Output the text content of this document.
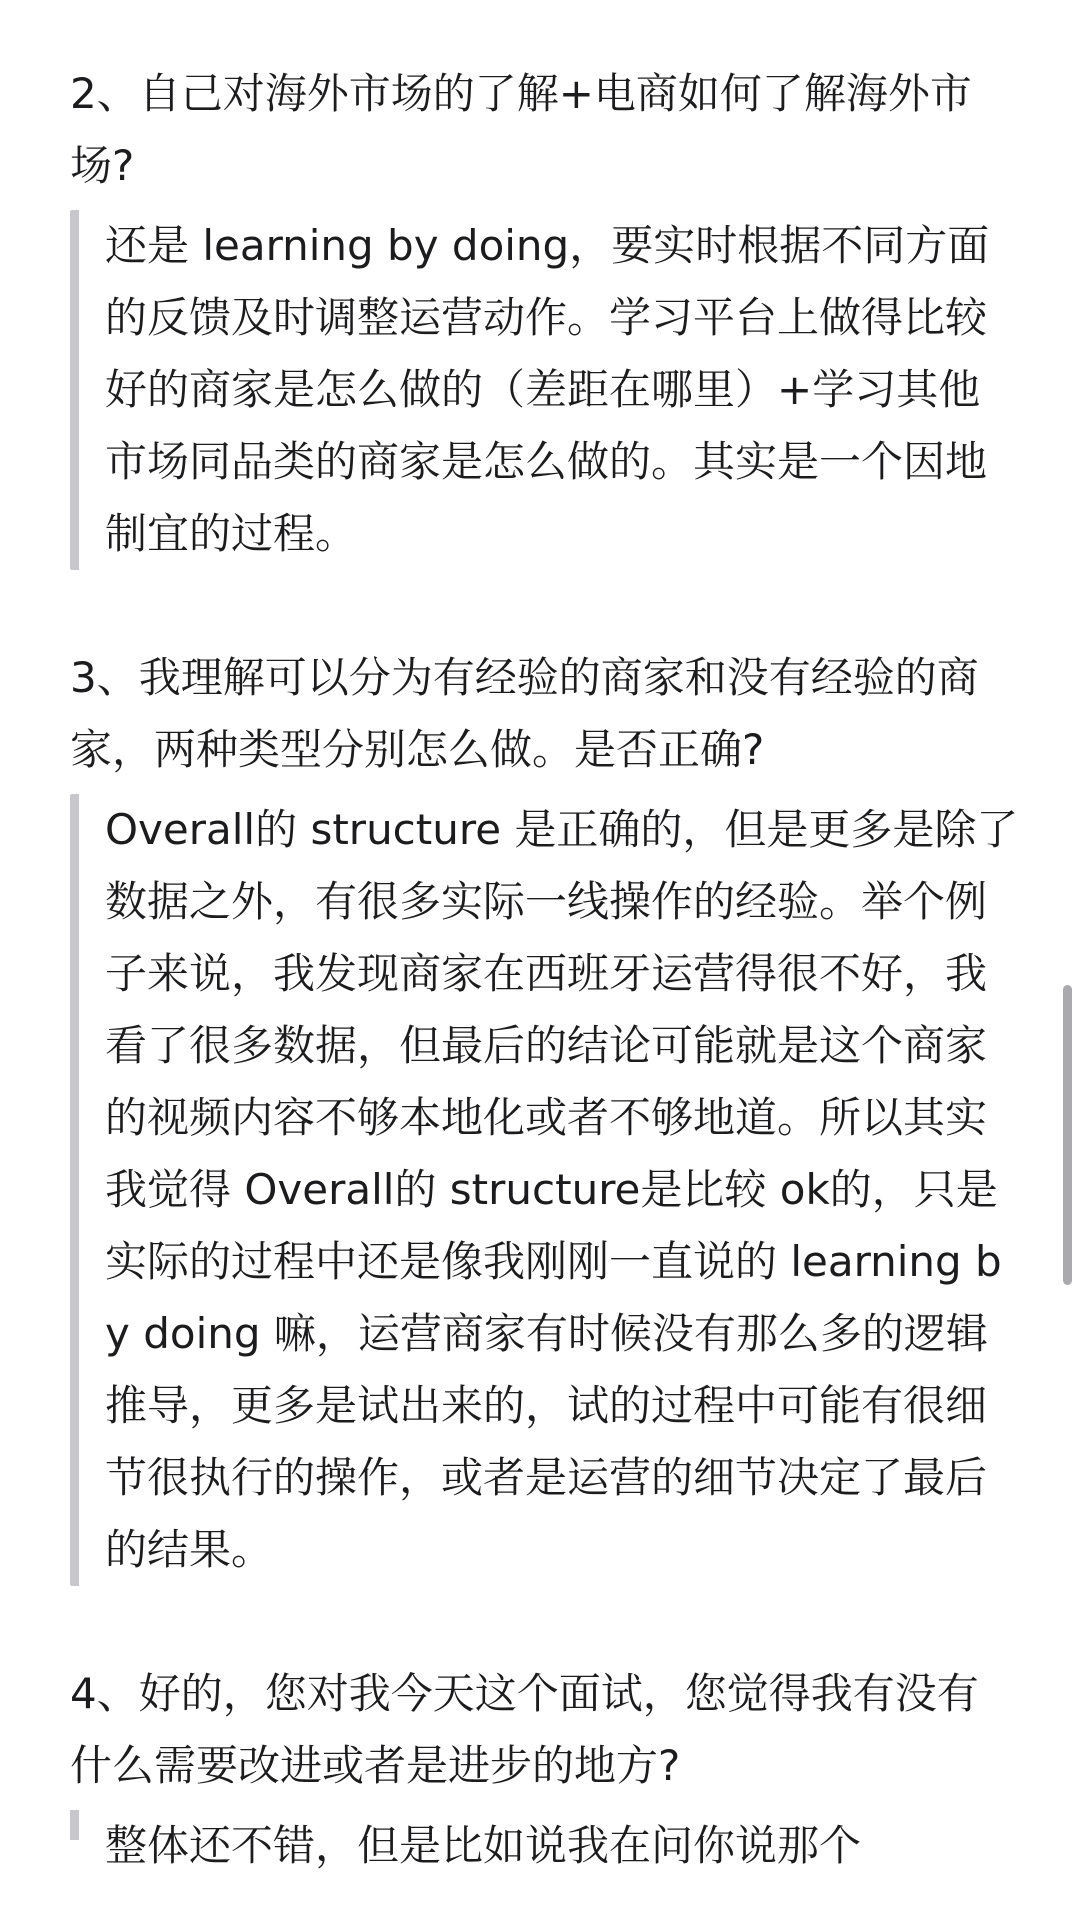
2、自己对海外市场的了解+电商如何了解海外市场?

还是 learning by doing，要实时根据不同方面的反馈及时调整运营动作。学习平台上做得比较好的商家是怎么做的（差距在哪里）+学习其他市场同品类的商家是怎么做的。其实是一个因地制宜的过程。

3、我理解可以分为有经验的商家和没有经验的商家，两种类型分别怎么做。是否正确?

Overall的 structure 是正确的，但是更多是除了数据之外，有很多实际一线操作的经验。举个例子来说，我发现商家在西班牙运营得很不好，我看了很多数据，但最后的结论可能就是这个商家的视频内容不够本地化或者不够地道。所以其实我觉得 Overall的 structure是比较 ok的，只是实际的过程中还是像我刚刚一直说的 learning by doing 嘛，运营商家有时候没有那么多的逻辑推导，更多是试出来的，试的过程中可能有很细节很执行的操作，或者是运营的细节决定了最后的结果。

4、好的，您对我今天这个面试，您觉得我有没有什么需要改进或者是进步的地方?

整体还不错，但是比如说我在问你说那个
